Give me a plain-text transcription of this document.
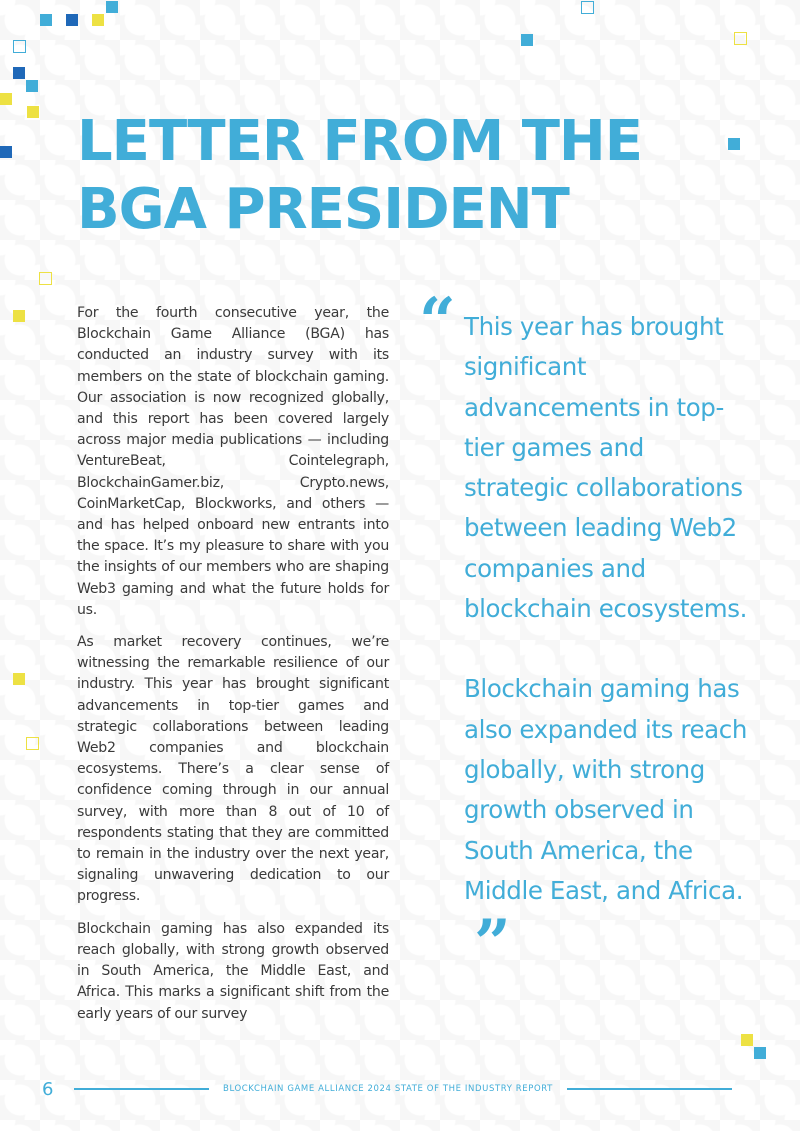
LETTER FROM THE
BGA PRESIDENT

For the fourth consecutive year, the Blockchain Game Alliance (BGA) has conducted an industry survey with its members on the state of blockchain gaming. Our association is now recognized globally, and this report has been covered largely across major media publications — including VentureBeat, Cointelegraph, BlockchainGamer.biz, Crypto.news, CoinMarketCap, Blockworks, and others — and has helped onboard new entrants into the space. It’s my pleasure to share with you the insights of our members who are shaping Web3 gaming and what the future holds for us.

As market recovery continues, we’re witnessing the remarkable resilience of our industry. This year has brought significant advancements in top-tier games and strategic collaborations between leading Web2 companies and blockchain ecosystems. There’s a clear sense of confidence coming through in our annual survey, with more than 8 out of 10 of respondents stating that they are committed to remain in the industry over the next year, signaling unwavering dedication to our progress.

Blockchain gaming has also expanded its reach globally, with strong growth observed in South America, the Middle East, and Africa. This marks a significant shift from the early years of our survey

“ This year has brought significant advancements in top-tier games and strategic collaborations between leading Web2 companies and blockchain ecosystems.

Blockchain gaming has also expanded its reach globally, with strong growth observed in South America, the Middle East, and Africa.”

6	BLOCKCHAIN GAME ALLIANCE 2024 STATE OF THE INDUSTRY REPORT
